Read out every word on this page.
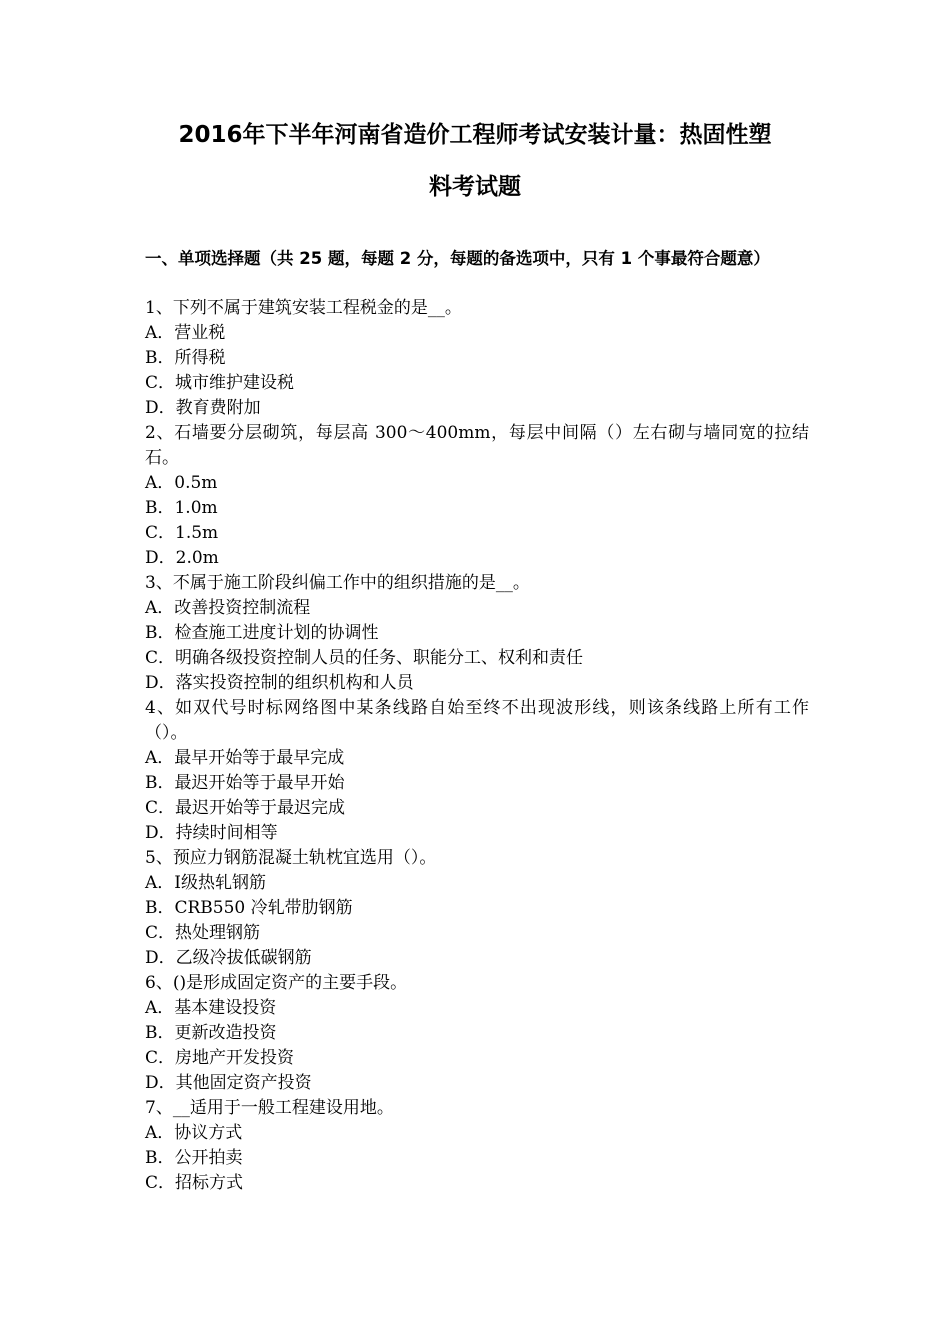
2016年下半年河南省造价工程师考试安装计量：热固性塑
料考试题
一、单项选择题（共 25 题，每题 2 分，每题的备选项中，只有 1 个事最符合题意）

1、下列不属于建筑安装工程税金的是__。

A．营业税

B．所得税

C．城市维护建设税

D．教育费附加

2、石墙要分层砌筑，每层高 300～400mm，每层中间隔（）左右砌与墙同宽的拉结石。

A．0.5m

B．1.0m

C．1.5m

D．2.0m

3、不属于施工阶段纠偏工作中的组织措施的是__。

A．改善投资控制流程

B．检查施工进度计划的协调性

C．明确各级投资控制人员的任务、职能分工、权利和责任

D．落实投资控制的组织机构和人员

4、如双代号时标网络图中某条线路自始至终不出现波形线，则该条线路上所有工作（）。

A．最早开始等于最早完成

B．最迟开始等于最早开始

C．最迟开始等于最迟完成

D．持续时间相等

5、预应力钢筋混凝土轨枕宜选用（）。

A．Ⅰ级热轧钢筋

B．CRB550 冷轧带肋钢筋

C．热处理钢筋

D．乙级冷拔低碳钢筋

6、()是形成固定资产的主要手段。

A．基本建设投资

B．更新改造投资

C．房地产开发投资

D．其他固定资产投资

7、__适用于一般工程建设用地。

A．协议方式

B．公开拍卖

C．招标方式
